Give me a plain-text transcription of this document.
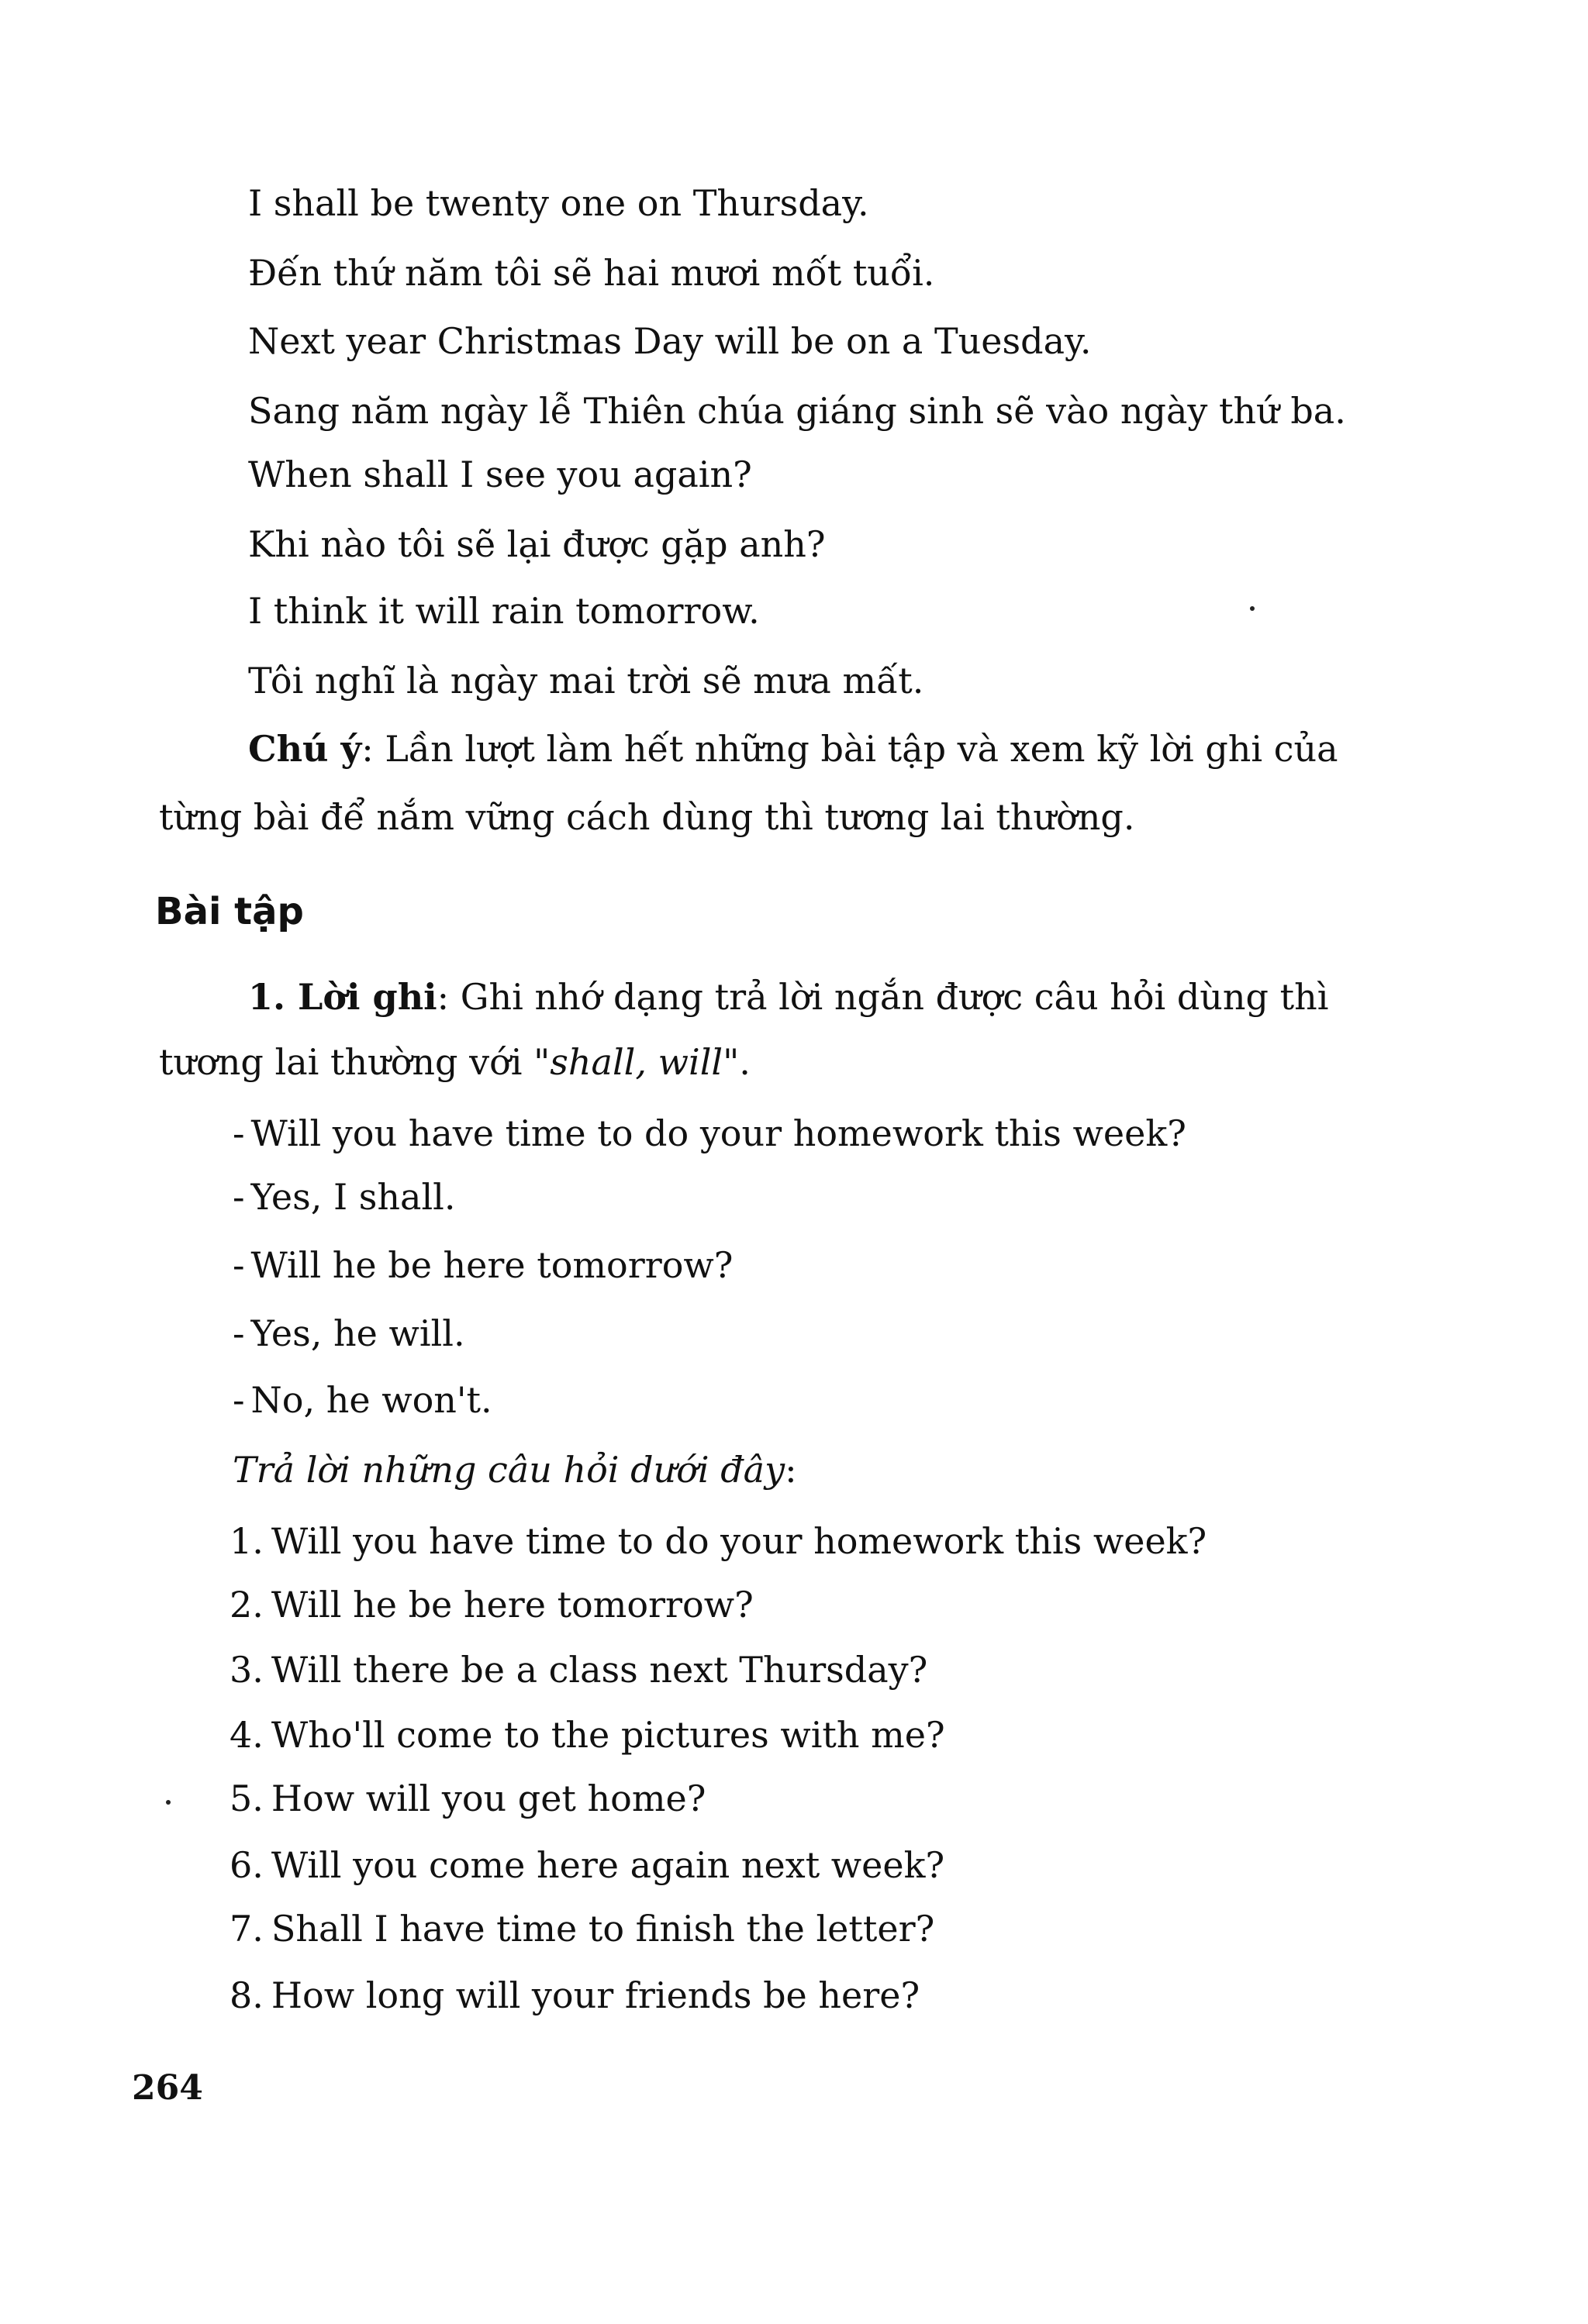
I shall be twenty one on Thursday.
Đến thứ năm tôi sẽ hai mươi mốt tuổi.
Next year Christmas Day will be on a Tuesday.
Sang năm ngày lễ Thiên chúa giáng sinh sẽ vào ngày thứ ba.
When shall I see you again?
Khi nào tôi sẽ lại được gặp anh?
I think it will rain tomorrow.
Tôi nghĩ là ngày mai trời sẽ mưa mất.
Chú ý: Lần lượt làm hết những bài tập và xem kỹ lời ghi của
từng bài để nắm vững cách dùng thì tương lai thường.
Bài tập
1. Lời ghi: Ghi nhớ dạng trả lời ngắn được câu hỏi dùng thì
tương lai thường với "shall, will".
- Will you have time to do your homework this week?
- Yes, I shall.
- Will he be here tomorrow?
- Yes, he will.
- No, he won't.
Trả lời những câu hỏi dưới đây:
1. Will you have time to do your homework this week?
2. Will he be here tomorrow?
3. Will there be a class next Thursday?
4. Who'll come to the pictures with me?
5. How will you get home?
6. Will you come here again next week?
7. Shall I have time to finish the letter?
8. How long will your friends be here?
264
